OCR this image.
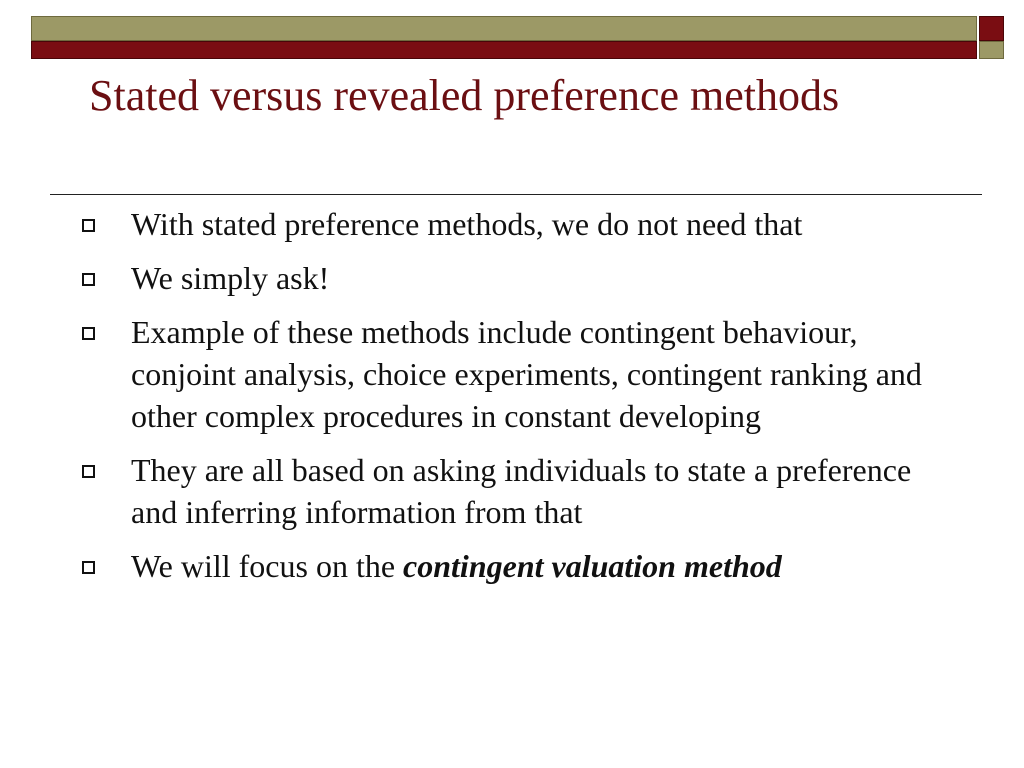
Stated versus revealed preference methods
With stated preference methods, we do not need that
We simply ask!
Example of these methods include contingent behaviour, conjoint analysis, choice experiments, contingent ranking and other complex procedures in constant developing
They are all based on asking individuals to state a preference and inferring information from that
We will focus on the contingent valuation method
